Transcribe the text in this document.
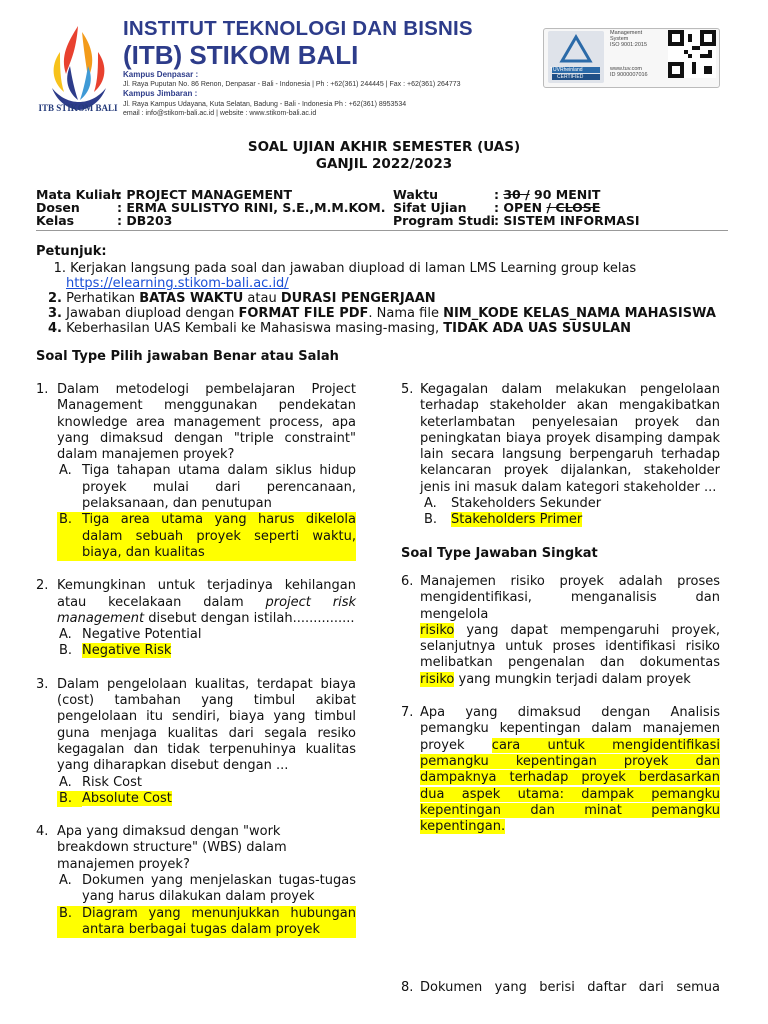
ITB STIKOM BALI
INSTITUT TEKNOLOGI DAN BISNIS
(ITB) STIKOM BALI
Kampus Denpasar :
Jl. Raya Puputan No. 86 Renon, Denpasar - Bali - Indonesia | Ph : +62(361) 244445 | Fax : +62(361) 264773
Kampus Jimbaran :
Jl. Raya Kampus Udayana, Kuta Selatan, Badung - Bali - Indonesia Ph : +62(361) 8953534
email : info@stikom-bali.ac.id | website : www.stikom-bali.ac.id
TÜVRheinland
CERTIFIED
Management
System
ISO 9001:2015
www.tuv.com
ID 9000007016
SOAL UJIAN AKHIR SEMESTER (UAS)
GANJIL 2022/2023
Mata Kuliah
: PROJECT MANAGEMENT
Dosen	: ERMA SULISTYO RINI, S.E.,M.M.KOM.
Kelas	: DB203
Waktu	: 30 / 90 MENIT
Sifat Ujian : OPEN / CLOSE
Program Studi : SISTEM INFORMASI
Petunjuk:
1. Kerjakan langsung pada soal dan jawaban diupload di laman LMS Learning group kelas
https://elearning.stikom-bali.ac.id/
2. Perhatikan BATAS WAKTU atau DURASI PENGERJAAN
3. Jawaban diupload dengan FORMAT FILE PDF. Nama file NIM_KODE KELAS_NAMA MAHASISWA
4. Keberhasilan UAS Kembali ke Mahasiswa masing-masing, TIDAK ADA UAS SUSULAN
Soal Type Pilih jawaban Benar atau Salah
1. Dalam metodelogi pembelajaran Project Management menggunakan pendekatan knowledge area management process, apa yang dimaksud dengan "triple constraint" dalam manajemen proyek?

A. Tiga tahapan utama dalam siklus hidup proyek mulai dari perencanaan, pelaksanaan, dan penutupan

B. Tiga area utama yang harus dikelola dalam sebuah proyek seperti waktu, biaya, dan kualitas

2. Kemungkinan untuk terjadinya kehilangan atau kecelakaan dalam project risk management disebut dengan istilah...............

A. Negative Potential

B. Negative Risk

3. Dalam pengelolaan kualitas, terdapat biaya (cost) tambahan yang timbul akibat pengelolaan itu sendiri, biaya yang timbul guna menjaga kualitas dari segala resiko kegagalan dan tidak terpenuhinya kualitas yang diharapkan disebut dengan ...

A. Risk Cost

B. Absolute Cost

4. Apa yang dimaksud dengan "work breakdown structure" (WBS) dalam manajemen proyek?

A. Dokumen yang menjelaskan tugas-tugas yang harus dilakukan dalam proyek

B. Diagram yang menunjukkan hubungan antara berbagai tugas dalam proyek

5. Kegagalan dalam melakukan pengelolaan terhadap stakeholder akan mengakibatkan keterlambatan penyelesaian proyek dan peningkatan biaya proyek disamping dampak lain secara langsung berpengaruh terhadap kelancaran proyek dijalankan, stakeholder jenis ini masuk dalam kategori stakeholder ...

A.	Stakeholders Sekunder

B.	Stakeholders Primer

Soal Type Jawaban Singkat
6. Manajemen risiko proyek adalah proses mengidentifikasi, menganalisis dan mengelola

risiko yang dapat mempengaruhi proyek, selanjutnya untuk proses identifikasi risiko melibatkan pengenalan dan dokumentas risiko yang mungkin terjadi dalam proyek

7. Apa yang dimaksud dengan Analisis pemangku kepentingan dalam manajemen proyek cara untuk mengidentifikasi pemangku kepentingan proyek dan dampaknya terhadap proyek berdasarkan dua aspek utama: dampak pemangku kepentingan dan minat pemangku kepentingan.

8. Dokumen yang berisi daftar dari semua
